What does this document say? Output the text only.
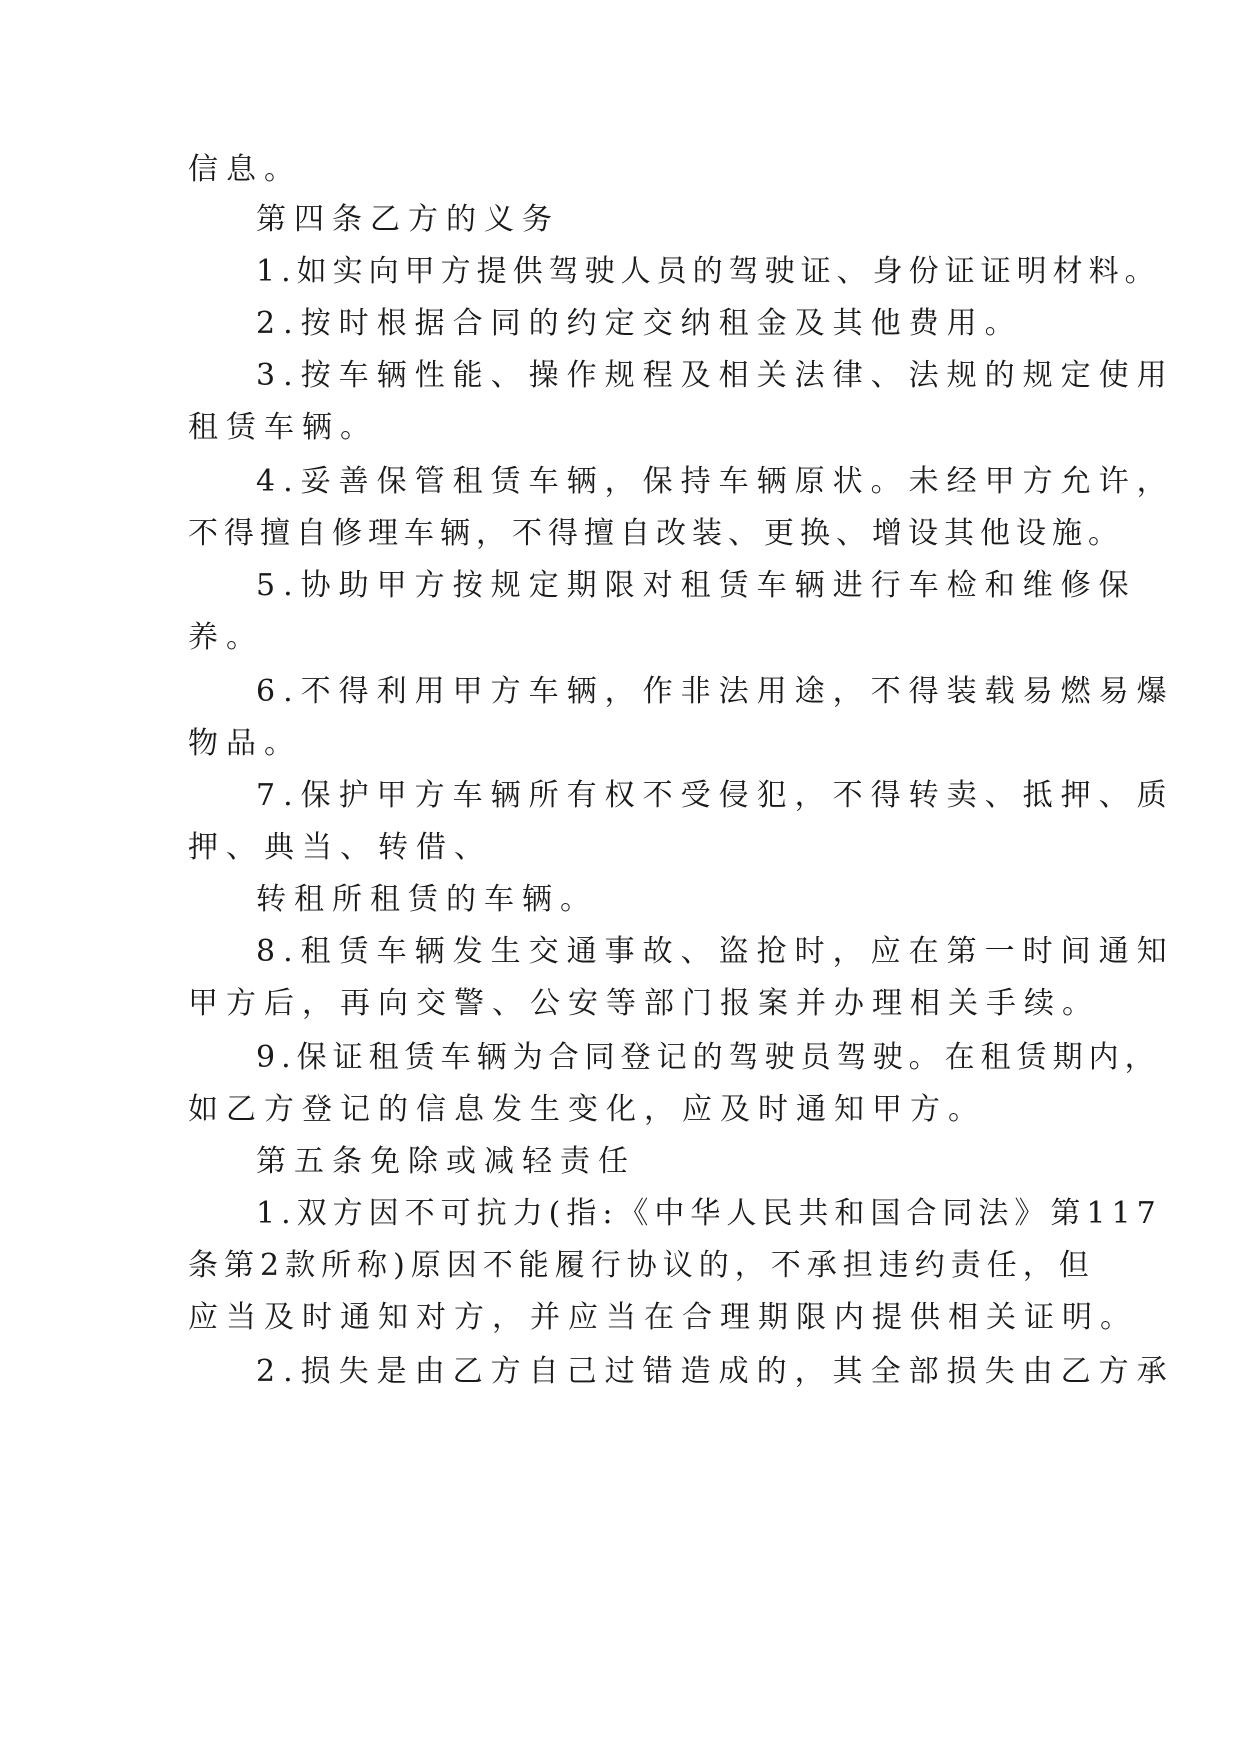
信息。
第四条乙方的义务
1.如实向甲方提供驾驶人员的驾驶证、身份证证明材料。
2.按时根据合同的约定交纳租金及其他费用。
3.按车辆性能、操作规程及相关法律、法规的规定使用
租赁车辆。
4.妥善保管租赁车辆，保持车辆原状。未经甲方允许，
不得擅自修理车辆，不得擅自改装、更换、增设其他设施。
5.协助甲方按规定期限对租赁车辆进行车检和维修保
养。
6.不得利用甲方车辆，作非法用途，不得装载易燃易爆
物品。
7.保护甲方车辆所有权不受侵犯，不得转卖、抵押、质
押、典当、转借、
转租所租赁的车辆。
8.租赁车辆发生交通事故、盗抢时，应在第一时间通知
甲方后，再向交警、公安等部门报案并办理相关手续。
9.保证租赁车辆为合同登记的驾驶员驾驶。在租赁期内，
如乙方登记的信息发生变化，应及时通知甲方。
第五条免除或减轻责任
1.双方因不可抗力(指:《中华人民共和国合同法》第117
条第2款所称)原因不能履行协议的，不承担违约责任，但
应当及时通知对方，并应当在合理期限内提供相关证明。
2.损失是由乙方自己过错造成的，其全部损失由乙方承
